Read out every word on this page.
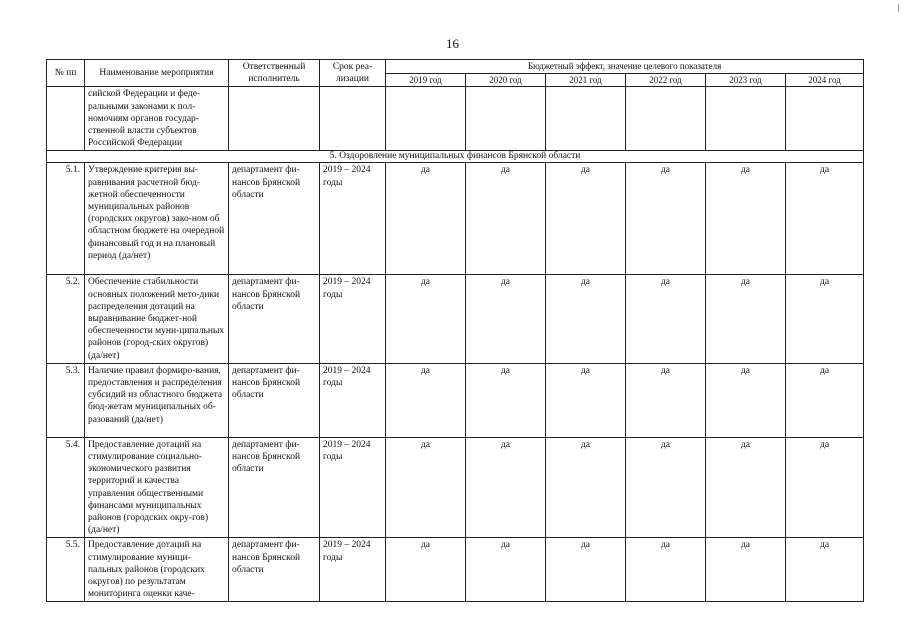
16
№ пп	Наименование мероприятия	Ответственный исполнитель	Срок реа-лизации	Бюджетный эффект, значение целевого показателя					
				2019 год	2020 год	2021 год	2022 год	2023 год	2024 год
	сийской Федерации и феде-ральными законами к пол-номочиям органов государ-ственной власти субъектов Российской Федерации								
5. Оздоровление муниципальных финансов Брянской области									
5.1.	Утверждение критерия вы-равнивания расчетной бюд-жетной обеспеченности муниципальных районов (городских округов) зако-ном об областном бюджете на очередной финансовый год и на плановый период (да/нет)	департамент фи-нансов Брянской области	2019 – 2024 годы	да	да	да	да	да	да
5.2.	Обеспечение стабильности основных положений мето-дики распределения дотаций на выравнивание бюджет-ной обеспеченности муни-ципальных районов (город-ских округов) (да/нет)	департамент фи-нансов Брянской области	2019 – 2024 годы	да	да	да	да	да	да
5.3.	Наличие правил формиро-вания, предоставления и распределения субсидий из областного бюджета бюд-жетам муниципальных об-разований (да/нет)	департамент фи-нансов Брянской области	2019 – 2024 годы	да	да	да	да	да	да
5.4.	Предоставление дотаций на стимулирование социально-экономического развития территорий и качества управления общественными финансами муниципальных районов (городских окру-гов) (да/нет)	департамент фи-нансов Брянской области	2019 – 2024 годы	да	да	да	да	да	да
5.5.	Предоставление дотаций на стимулирование муници-пальных районов (городских округов) по результатам мониторинга оценки каче-	департамент фи-нансов Брянской области	2019 – 2024 годы	да	да	да	да	да	да
